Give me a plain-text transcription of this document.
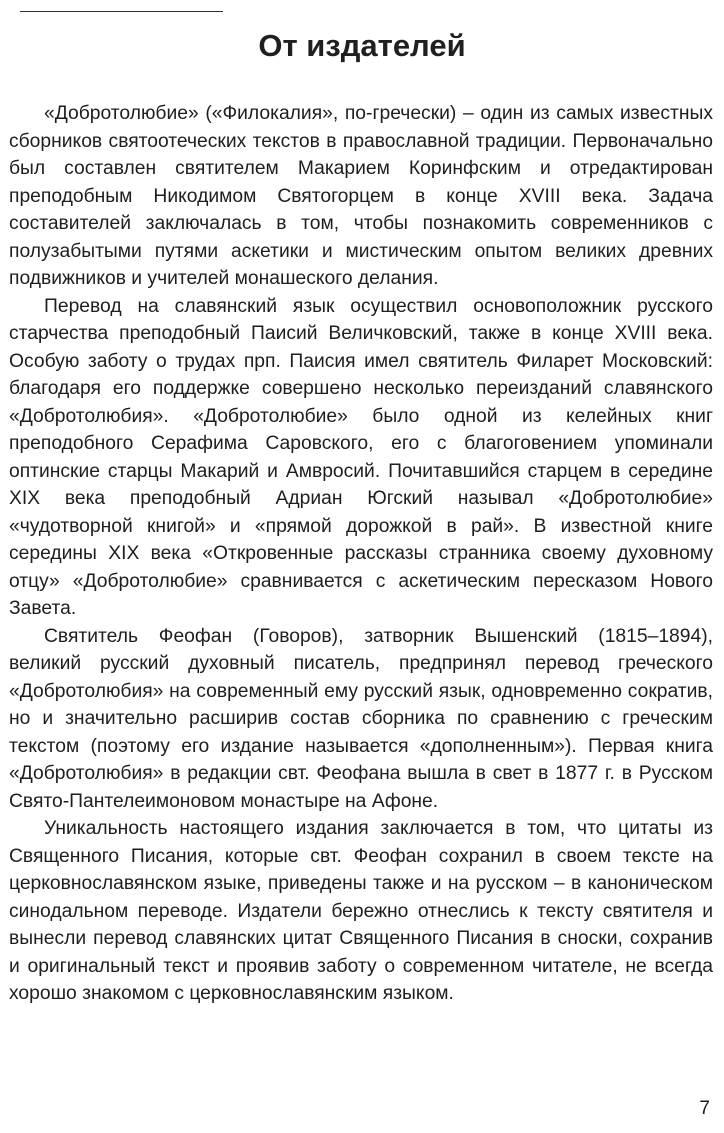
От издателей

«Добротолюбие» («Филокалия», по-гречески) – один из самых известных сборников святоотеческих текстов в православной традиции. Первоначально был составлен святителем Макарием Коринфским и отредактирован преподобным Никодимом Святогорцем в конце XVIII века. Задача составителей заключалась в том, чтобы познакомить современников с полузабытыми путями аскетики и мистическим опытом великих древних подвижников и учителей монашеского делания.

Перевод на славянский язык осуществил основоположник русского старчества преподобный Паисий Величковский, также в конце XVIII века. Особую заботу о трудах прп. Паисия имел святитель Филарет Московский: благодаря его поддержке совершено несколько переизданий славянского «Добротолюбия». «Добротолюбие» было одной из келейных книг преподобного Серафима Саровского, его с благоговением упоминали оптинские старцы Макарий и Амвросий. Почитавшийся старцем в середине XIX века преподобный Адриан Югский называл «Добротолюбие» «чудотворной книгой» и «прямой дорожкой в рай». В известной книге середины XIX века «Откровенные рассказы странника своему духовному отцу» «Добротолюбие» сравнивается с аскетическим пересказом Нового Завета.

Святитель Феофан (Говоров), затворник Вышенский (1815–1894), великий русский духовный писатель, предпринял перевод греческого «Добротолюбия» на современный ему русский язык, одновременно сократив, но и значительно расширив состав сборника по сравнению с греческим текстом (поэтому его издание называется «дополненным»). Первая книга «Добротолюбия» в редакции свт. Феофана вышла в свет в 1877 г. в Русском Свято-Пантелеимоновом монастыре на Афоне.

Уникальность настоящего издания заключается в том, что цитаты из Священного Писания, которые свт. Феофан сохранил в своем тексте на церковнославянском языке, приведены также и на русском – в каноническом синодальном переводе. Издатели бережно отнеслись к тексту святителя и вынесли перевод славянских цитат Священного Писания в сноски, сохранив и оригинальный текст и проявив заботу о современном читателе, не всегда хорошо знакомом с церковнославянским языком.

7
